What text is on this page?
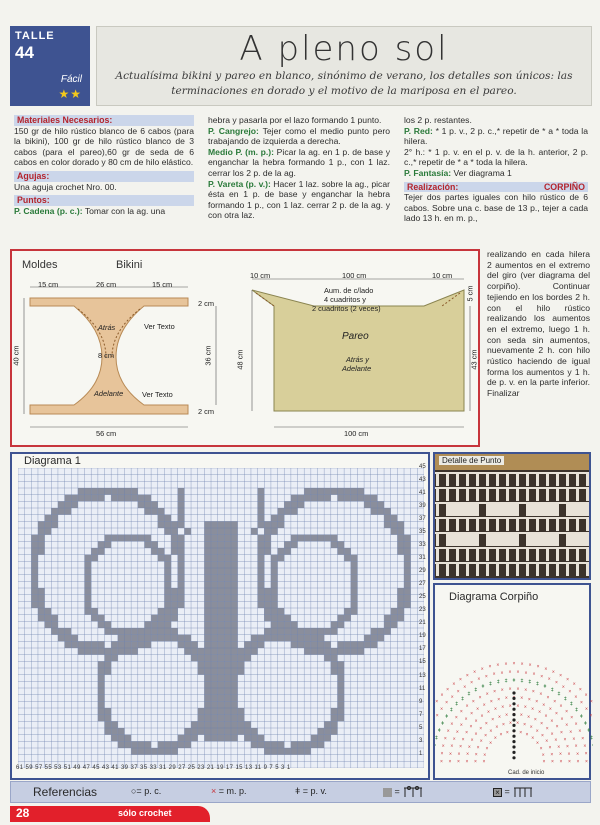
TALLE
44
Fácil
★★
A pleno sol
Actualísima bikini y pareo en blanco, sinónimo de verano, los detalles son únicos: las terminaciones en dorado y el motivo de la mariposa en el pareo.
Materiales Necesarios:
150 gr de hilo rústico blanco de 6 cabos (para la bikini), 100 gr de hilo rústico blanco de 3 cabos (para el pareo),60 gr de seda de 6 cabos en color dorado y 80 cm de hilo elástico.
Agujas:
Una aguja crochet Nro. 00.
Puntos:
P. Cadena (p. c.): Tomar con la ag. una
hebra y pasarla por el lazo formando 1 punto.
P. Cangrejo: Tejer como el medio punto pero trabajando de izquierda a derecha.
Medio P. (m. p.): Picar la ag. en 1 p. de base y enganchar la hebra formando 1 p., con 1 laz. cerrar los 2 p. de la ag.
P. Vareta (p. v.): Hacer 1 laz. sobre la ag., picar ésta en 1 p. de base y enganchar la hebra formando 1 p., con 1 laz. cerrar 2 p. de la ag. y con otra laz.
los 2 p. restantes.
P. Red: * 1 p. v., 2 p. c.,* repetir de * a * toda la hilera.
2° h.: * 1 p. v. en el p. v. de la h. anterior, 2 p. c.,* repetir de * a * toda la hilera.
P. Fantasía: Ver diagrama 1
Realización:	CORPIÑO
Tejer dos partes iguales con hilo rústico de 6 cabos. Sobre una c. base de 13 p., tejer a cada lado 13 h. en m. p.,
Moldes	Bikini
15 cm	26 cm	15 cm
2 cm
2 cm
40 cm	36 cm
8 cm
56 cm
Atrás
Adelante
Ver Texto
Ver Texto
10 cm	100 cm	10 cm
5 cm
48 cm	43 cm
100 cm
Aum. de c/lado
4 cuadritos y
2 cuadritos (2 veces)
Pareo
Atrás y
Adelante
realizando en cada hilera 2 aumentos en el extremo del giro (ver diagrama del corpiño). Continuar tejiendo en los bordes 2 h. con el hilo rústico realizando los aumentos en el extremo, luego 1 h. con seda sin aumentos, nuevamente 2 h. con hilo rústico haciendo de igual forma los aumentos y 1 h. de p. v. en la parte inferior. Finalizar
Diagrama 1	45
43
41
39
37
35
33
31
29
27
25
23
21
19
17
15
13
11
9
7
5
3
1
61 59 57 55 53 51 49 47 45 43 41 39 37 35 33 31 29 27 25 23 21 19 17 15 13 11 9 7 5 3 1
Detalle de Punto
Diagrama Corpiño
×
×
×
×
×
× × × ×
×
×
×
×
×
×
×
×
×
×
×
× × × × × ×
×
×
×
×
×
×
×
×
×
×
×
×
×
× × × × × ×
×
×
×
×
×
×
×
×
×
×
×
×
×
×
×
×
× × × × × ×
×
×
×
×
×
×
×
×
×
×
×
×
×
×
×
×
×
×
×
× × ×	× × ×
×
×
×
×
×
×
×
×
×
×
×
×
×
×
×
×
×
×
×
×
×
× × × × × × × ×
×
×
×
×
×
×
×
×
×
×
×
ǂ
ǂ
ǂ
ǂ
ǂ
ǂ
ǂ
ǂ
ǂ
ǂ ǂ ǂ ǂ ǂ ǂ ǂ ǂ ǂ
ǂ
ǂ
ǂ
ǂ
ǂ
ǂ
ǂ
ǂ
ǂ
×
×
×
×
×
×
×
× × × × × × × × × ×
×
×
×
×
×
×
×
×
×
×
×
×
×
× × × × × × × × × × ×
×
×
×
×
×
×
Cad. de inicio
Referencias	○= p. c.	× = m. p.	ǂ = p. v.	=	× =
28	sólo crochet
